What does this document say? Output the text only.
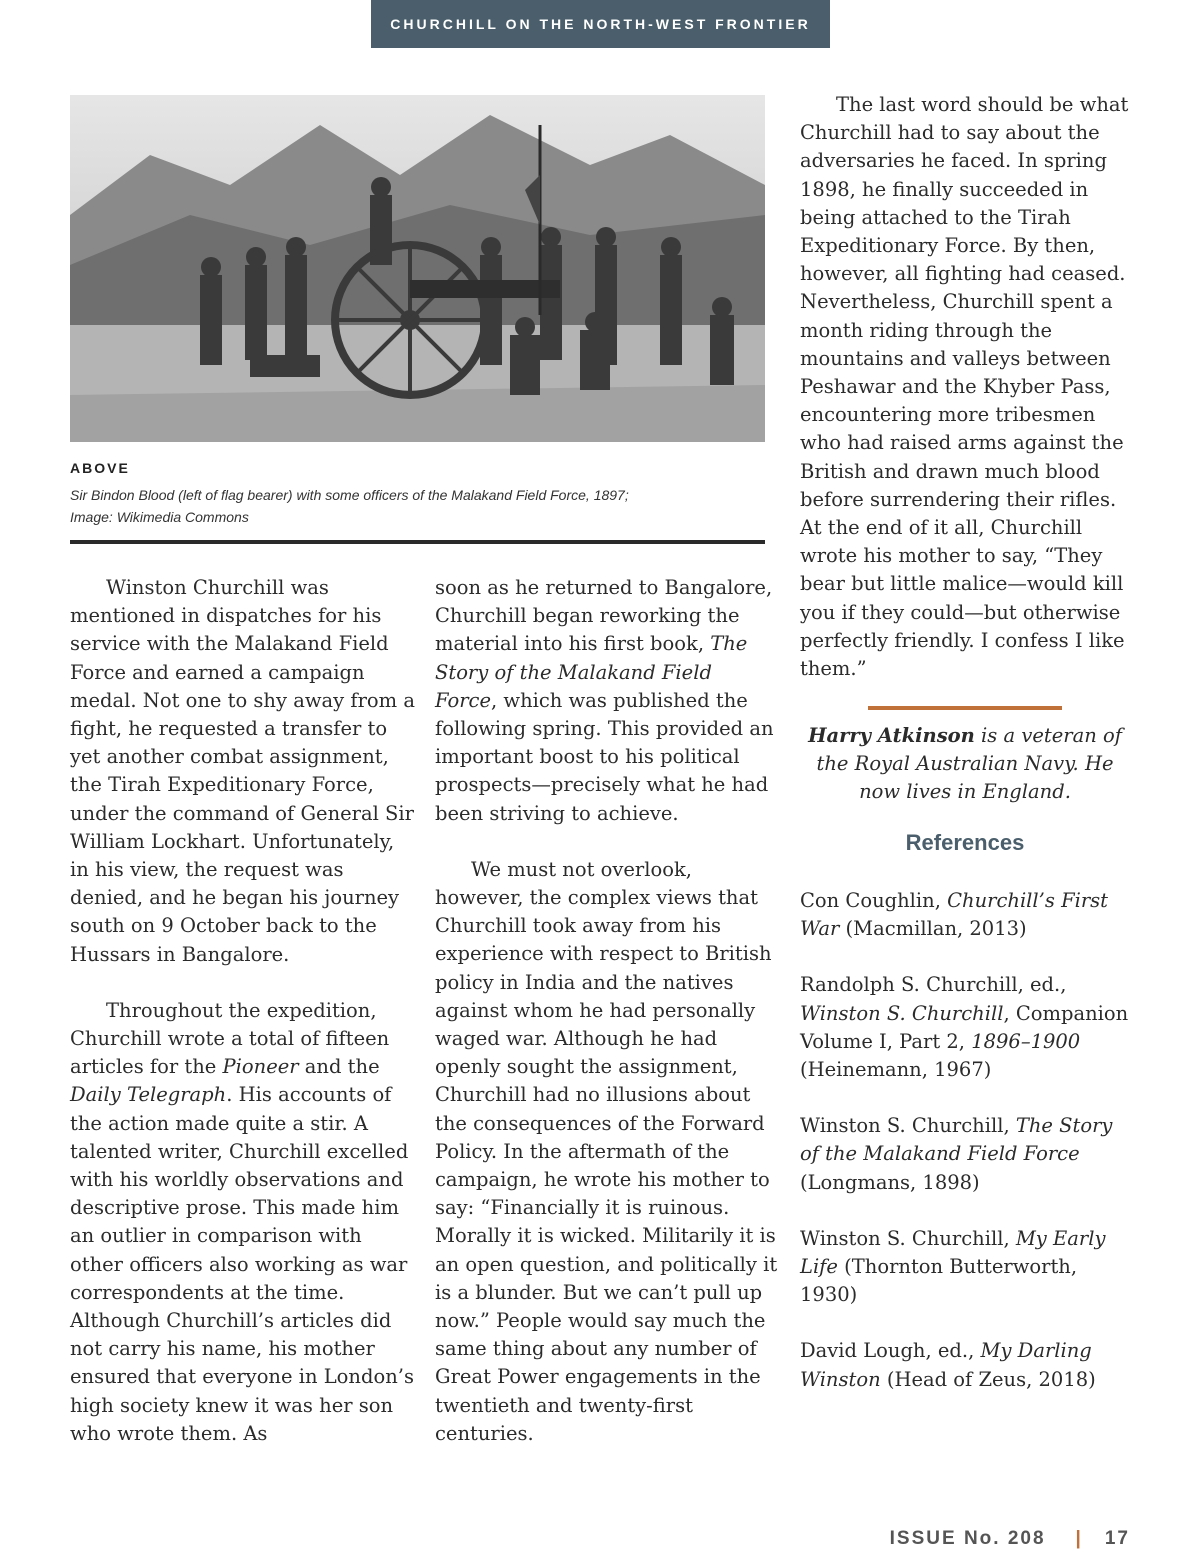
CHURCHILL ON THE NORTH-WEST FRONTIER
ABOVE
Sir Bindon Blood (left of flag bearer) with some officers of the Malakand Field Force, 1897;
Image: Wikimedia Commons

Winston Churchill was mentioned in dispatches for his service with the Malakand Field Force and earned a campaign medal. Not one to shy away from a fight, he requested a transfer to yet another combat assignment, the Tirah Expeditionary Force, under the command of General Sir William Lockhart. Unfortunately, in his view, the request was denied, and he began his journey south on 9 October back to the Hussars in Bangalore.

Throughout the expedition, Churchill wrote a total of fifteen articles for the Pioneer and the Daily Telegraph. His accounts of the action made quite a stir. A talented writer, Churchill excelled with his worldly observations and descriptive prose. This made him an outlier in comparison with other officers also working as war correspondents at the time. Although Churchill’s articles did not carry his name, his mother ensured that everyone in London’s high society knew it was her son who wrote them. As

soon as he returned to Bangalore, Churchill began reworking the material into his first book, The Story of the Malakand Field Force, which was published the following spring. This provided an important boost to his political prospects—precisely what he had been striving to achieve.

We must not overlook, however, the complex views that Churchill took away from his experience with respect to British policy in India and the natives against whom he had personally waged war. Although he had openly sought the assignment, Churchill had no illusions about the consequences of the Forward Policy. In the aftermath of the campaign, he wrote his mother to say: “Financially it is ruinous. Morally it is wicked. Militarily it is an open question, and politically it is a blunder. But we can’t pull up now.” People would say much the same thing about any number of Great Power engagements in the twentieth and twenty-first centuries.

The last word should be what Churchill had to say about the adversaries he faced. In spring 1898, he finally succeeded in being attached to the Tirah Expeditionary Force. By then, however, all fighting had ceased. Nevertheless, Churchill spent a month riding through the mountains and valleys between Peshawar and the Khyber Pass, encountering more tribesmen who had raised arms against the British and drawn much blood before surrendering their rifles. At the end of it all, Churchill wrote his mother to say, “They bear but little malice—would kill you if they could—but otherwise perfectly friendly. I confess I like them.”

Harry Atkinson is a veteran of the Royal Australian Navy. He now lives in England.
References

Con Coughlin, Churchill’s First War (Macmillan, 2013)

Randolph S. Churchill, ed., Winston S. Churchill, Companion Volume I, Part 2, 1896–1900 (Heinemann, 1967)

Winston S. Churchill, The Story of the Malakand Field Force (Longmans, 1898)

Winston S. Churchill, My Early Life (Thornton Butterworth, 1930)

David Lough, ed., My Darling Winston (Head of Zeus, 2018)

ISSUE No. 208 | 17
